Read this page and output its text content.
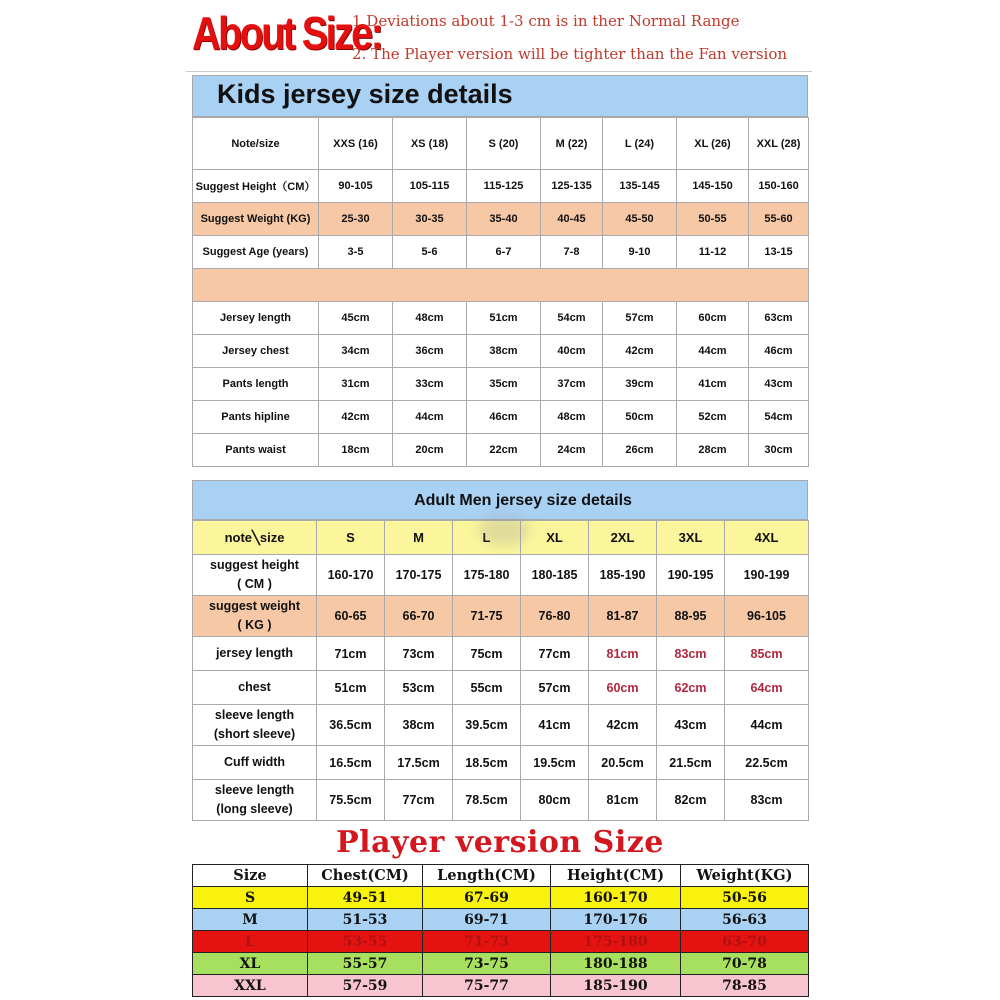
About Size:
1.Deviations about 1-3 cm is in ther Normal Range
2. The Player version will be tighter than the Fan version
Kids jersey size details
Note/size	XXS (16)	XS (18)	S (20)	M (22)	L (24)	XL (26)	XXL (28)
Suggest Height（CM）	90-105	105-115	115-125	125-135	135-145	145-150	150-160
Suggest Weight (KG)	25-30	30-35	35-40	40-45	45-50	50-55	55-60
Suggest Age (years)	3-5	5-6	6-7	7-8	9-10	11-12	13-15

Jersey length	45cm	48cm	51cm	54cm	57cm	60cm	63cm
Jersey chest	34cm	36cm	38cm	40cm	42cm	44cm	46cm
Pants length	31cm	33cm	35cm	37cm	39cm	41cm	43cm
Pants hipline	42cm	44cm	46cm	48cm	50cm	52cm	54cm
Pants waist	18cm	20cm	22cm	24cm	26cm	28cm	30cm
Adult Men jersey size details
note╲size	S	M	L	XL	2XL	3XL	4XL

suggest height
( CM )	160-170	170-175	175-180	180-185	185-190	190-195	190-199

suggest weight
( KG )	60-65	66-70	71-75	76-80	81-87	88-95	96-105

jersey length	71cm	73cm	75cm	77cm	81cm	83cm	85cm

chest	51cm	53cm	55cm	57cm	60cm	62cm	64cm

sleeve length
(short sleeve)	36.5cm	38cm	39.5cm	41cm	42cm	43cm	44cm

Cuff width	16.5cm	17.5cm	18.5cm	19.5cm	20.5cm	21.5cm	22.5cm

sleeve length
(long sleeve)	75.5cm	77cm	78.5cm	80cm	81cm	82cm	83cm
Player version Size
Size	Chest(CM)	Length(CM)	Height(CM)	Weight(KG)
S	49-51	67-69	160-170	50-56
M	51-53	69-71	170-176	56-63
L	53-55	71-73	175-180	63-70
XL	55-57	73-75	180-188	70-78
XXL	57-59	75-77	185-190	78-85
